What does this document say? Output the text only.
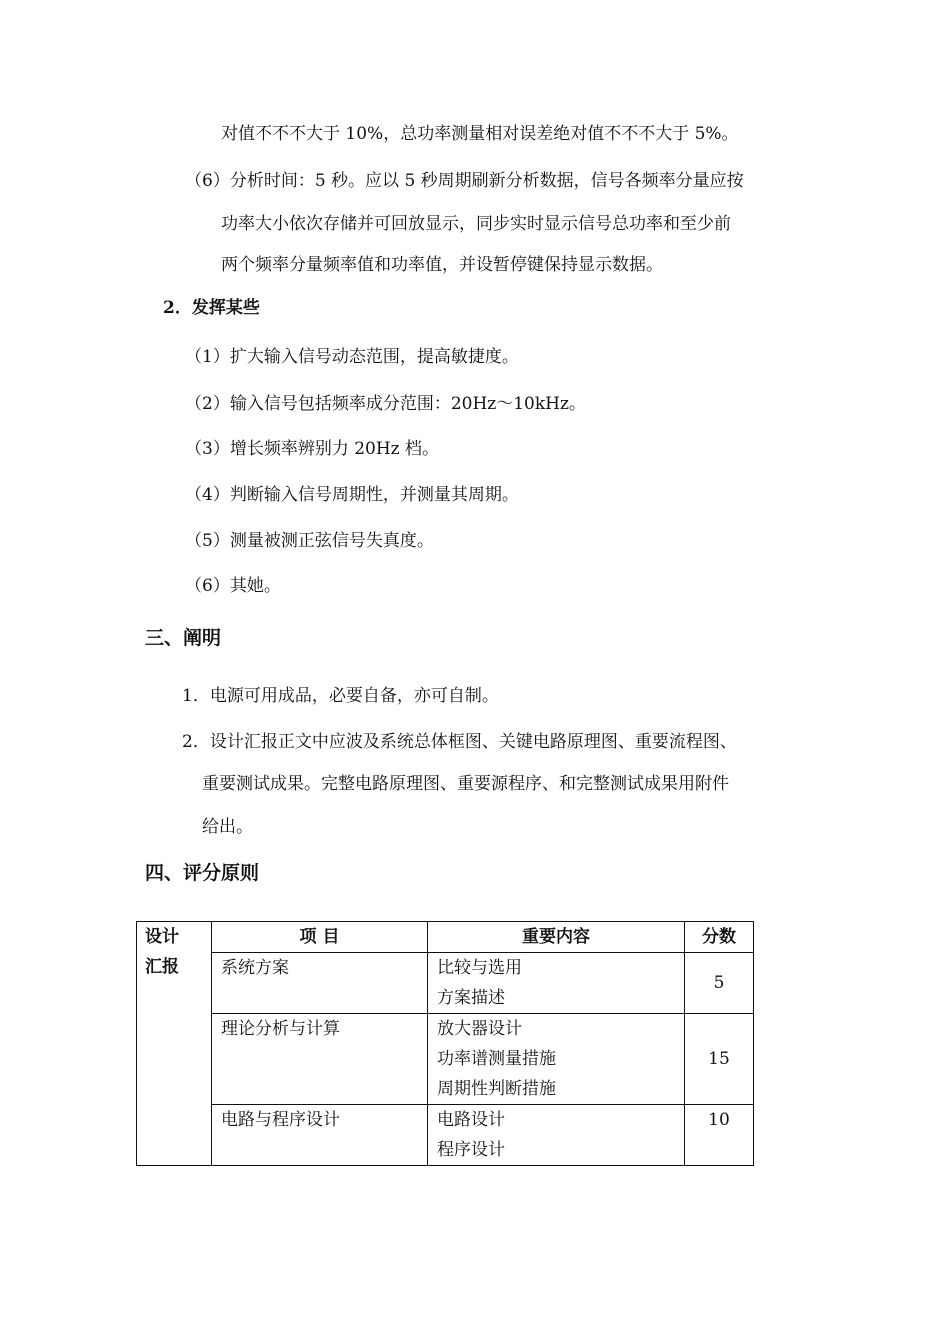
对值不不不大于 10%，总功率测量相对误差绝对值不不不大于 5%。
（6）分析时间：5 秒。应以 5 秒周期刷新分析数据，信号各频率分量应按
功率大小依次存储并可回放显示，同步实时显示信号总功率和至少前
两个频率分量频率值和功率值，并设暂停键保持显示数据。
2．发挥某些
（1）扩大输入信号动态范围，提高敏捷度。
（2）输入信号包括频率成分范围：20Hz～10kHz。
（3）增长频率辨别力 20Hz 档。
（4）判断输入信号周期性，并测量其周期。
（5）测量被测正弦信号失真度。
（6）其她。
三、阐明
1．电源可用成品，必要自备，亦可自制。
2．设计汇报正文中应波及系统总体框图、关键电路原理图、重要流程图、
重要测试成果。完整电路原理图、重要源程序、和完整测试成果用附件
给出。
四、评分原则
设计
汇报	项 目	重要内容	分数

	系统方案	比较与选用
方案描述	5

	理论分析与计算	放大器设计
功率谱测量措施
周期性判断措施	15

	电路与程序设计	电路设计
程序设计	10
